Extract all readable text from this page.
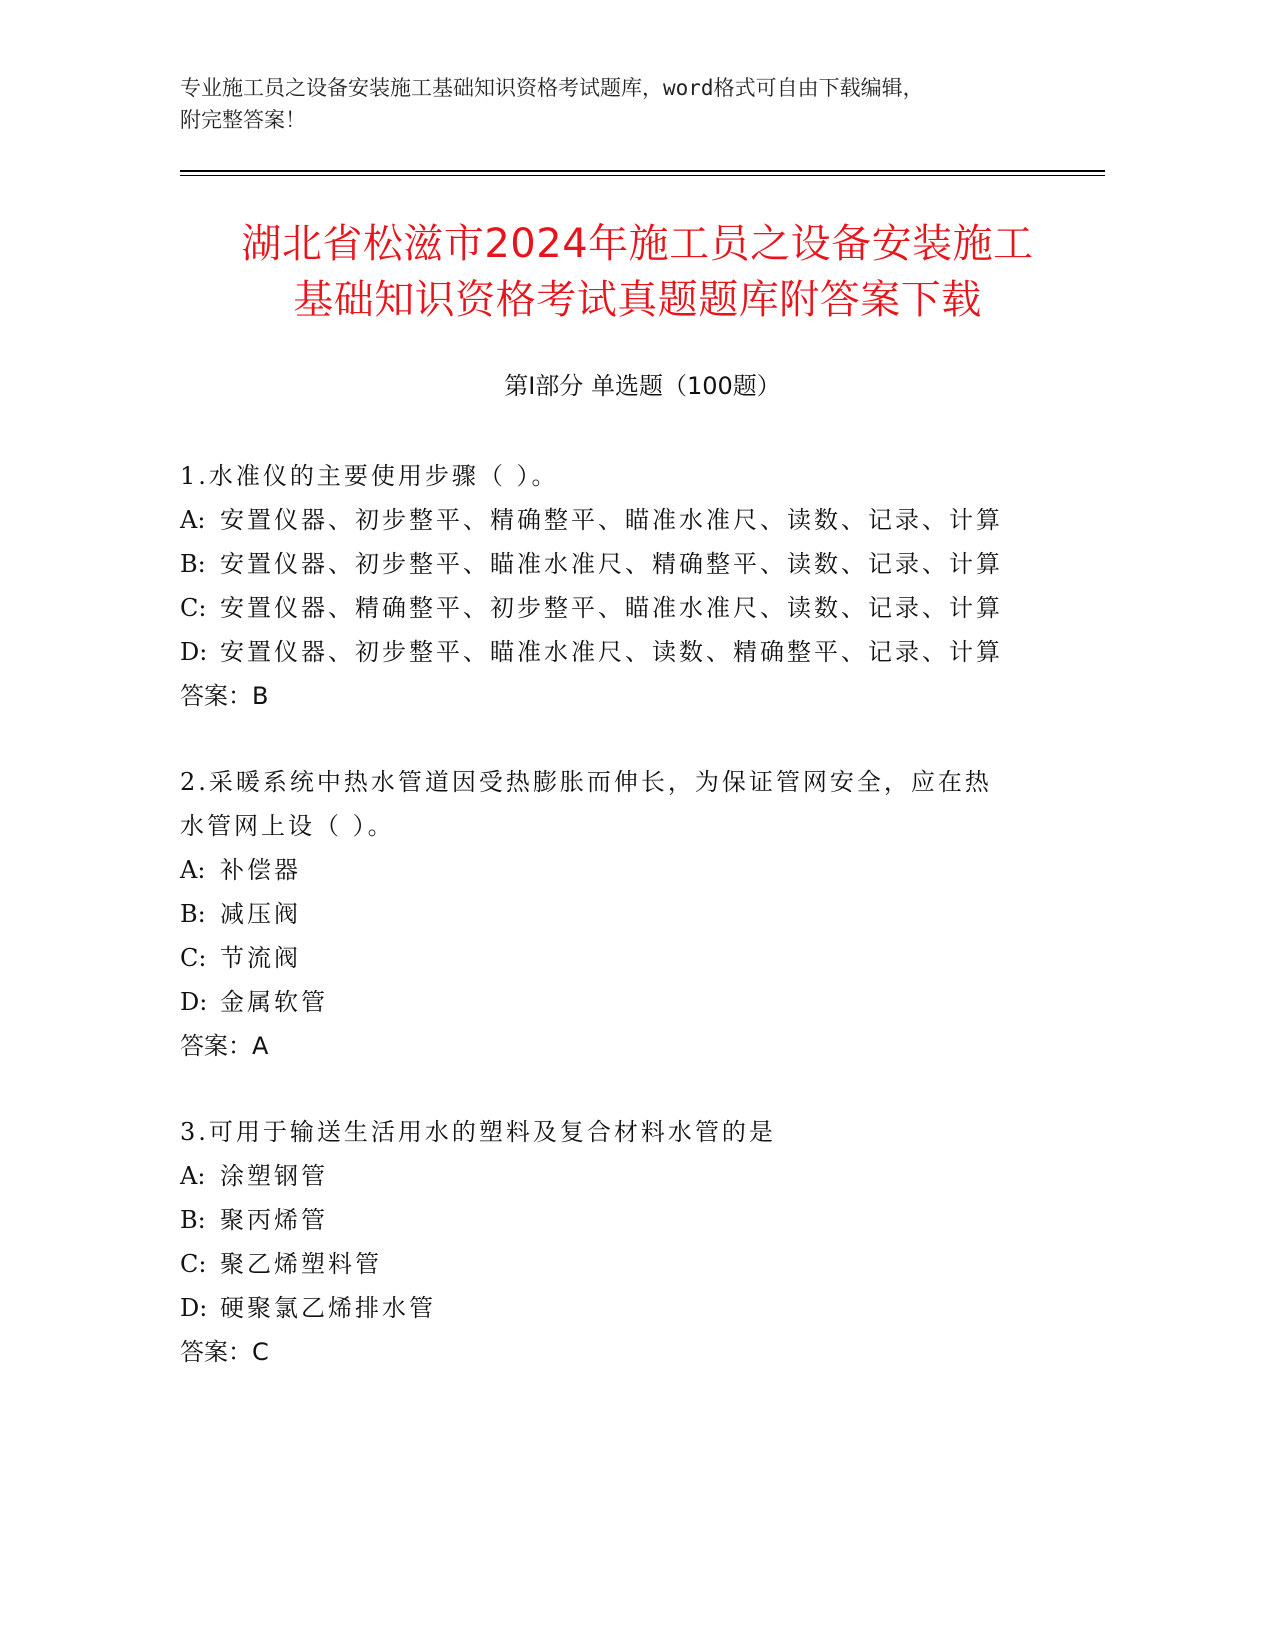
专业施工员之设备安装施工基础知识资格考试题库，word格式可自由下载编辑，
附完整答案！
湖北省松滋市2024年施工员之设备安装施工
基础知识资格考试真题题库附答案下载
第Ⅰ部分 单选题（100题）
1.水准仪的主要使用步骤（ ）。
A: 安置仪器、初步整平、精确整平、瞄准水准尺、读数、记录、计算
B: 安置仪器、初步整平、瞄准水准尺、精确整平、读数、记录、计算
C: 安置仪器、精确整平、初步整平、瞄准水准尺、读数、记录、计算
D: 安置仪器、初步整平、瞄准水准尺、读数、精确整平、记录、计算
答案：B
2.采暖系统中热水管道因受热膨胀而伸长，为保证管网安全，应在热
水管网上设（ ）。
A: 补偿器
B: 减压阀
C: 节流阀
D: 金属软管
答案：A
3.可用于输送生活用水的塑料及复合材料水管的是
A: 涂塑钢管
B: 聚丙烯管
C: 聚乙烯塑料管
D: 硬聚氯乙烯排水管
答案：C
